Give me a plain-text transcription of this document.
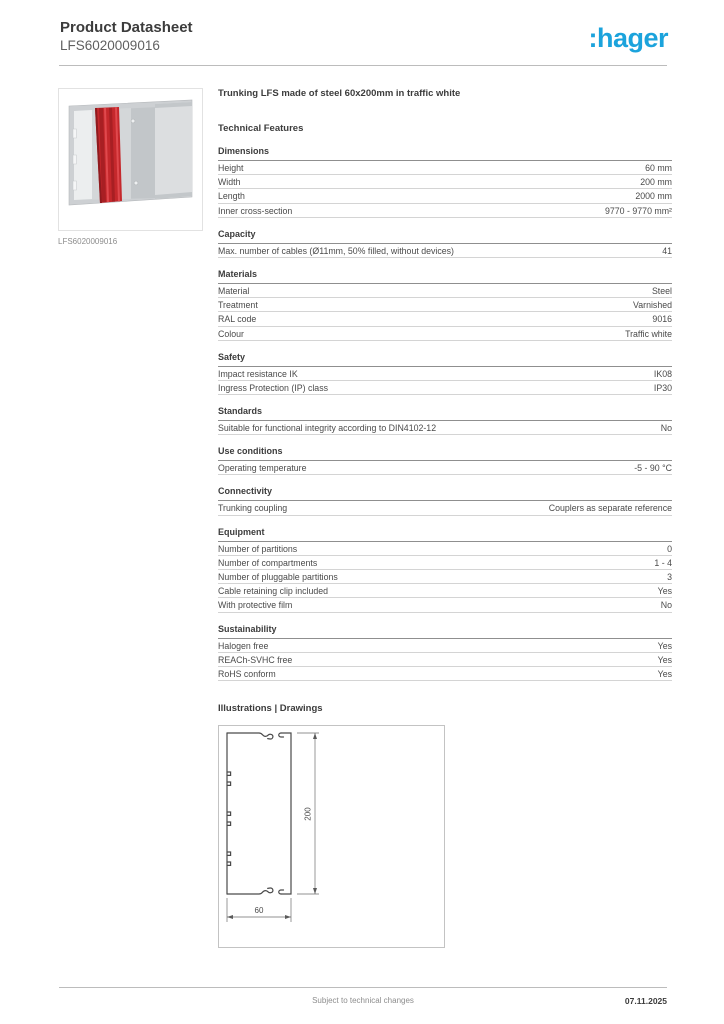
Product Datasheet
LFS6020009016	:hager
LFS6020009016
Trunking LFS made of steel 60x200mm in traffic white
Technical Features
Dimensions
Height	60 mm
Width	200 mm
Length	2000 mm
Inner cross-section	9770 - 9770 mm²
Capacity
Max. number of cables (Ø11mm, 50% filled, without devices)	41
Materials
Material	Steel
Treatment	Varnished
RAL code	9016
Colour	Traffic white
Safety
Impact resistance IK	IK08
Ingress Protection (IP) class	IP30
Standards
Suitable for functional integrity according to DIN4102-12	No
Use conditions
Operating temperature	-5 - 90 °C
Connectivity
Trunking coupling	Couplers as separate reference
Equipment
Number of partitions	0
Number of compartments	1 - 4
Number of pluggable partitions	3
Cable retaining clip included	Yes
With protective film	No
Sustainability
Halogen free	Yes
REACh-SVHC free	Yes
RoHS conform	Yes
Illustrations | Drawings
200
60
Subject to technical changes	07.11.2025
